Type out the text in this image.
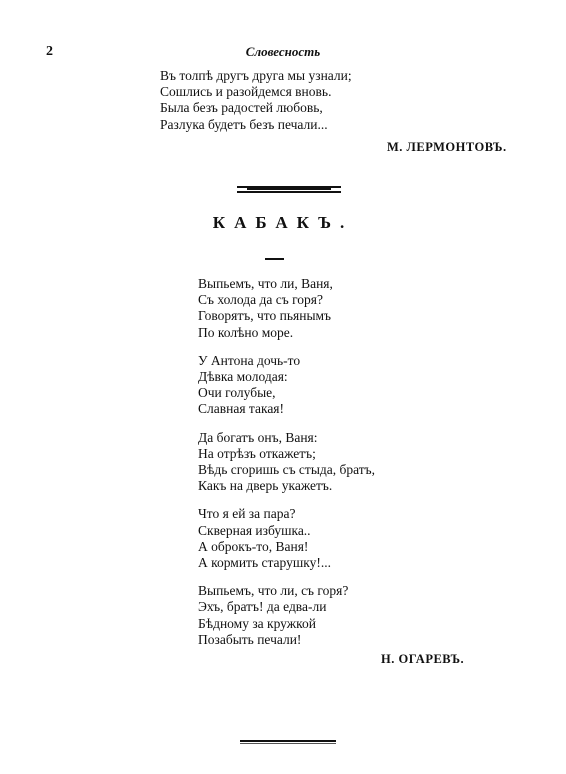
2	Словесность
Въ толпѣ другъ друга мы узнали;
Сошлись и разойдемся вновь.
Была безъ радостей любовь,
Разлука будетъ безъ печали...
М. ЛЕРМОНТОВЪ.
КАБАКЪ.
Выпьемъ, что ли, Ваня,
Съ холода да съ горя?
Говорятъ, что пьянымъ
По колѣно море.
У Антона дочь-то
Дѣвка молодая:
Очи голубые,
Славная такая!
Да богатъ онъ, Ваня:
На отрѣзъ откажетъ;
Вѣдь сгоришь съ стыда, братъ,
Какъ на дверь укажетъ.
Что я ей за пара?
Скверная избушка..
А оброкъ-то, Ваня!
А кормить старушку!...
Выпьемъ, что ли, съ горя?
Эхъ, братъ! да едва-ли
Бѣдному за кружкой
Позабыть печали!
Н. ОГАРЕВЪ.
